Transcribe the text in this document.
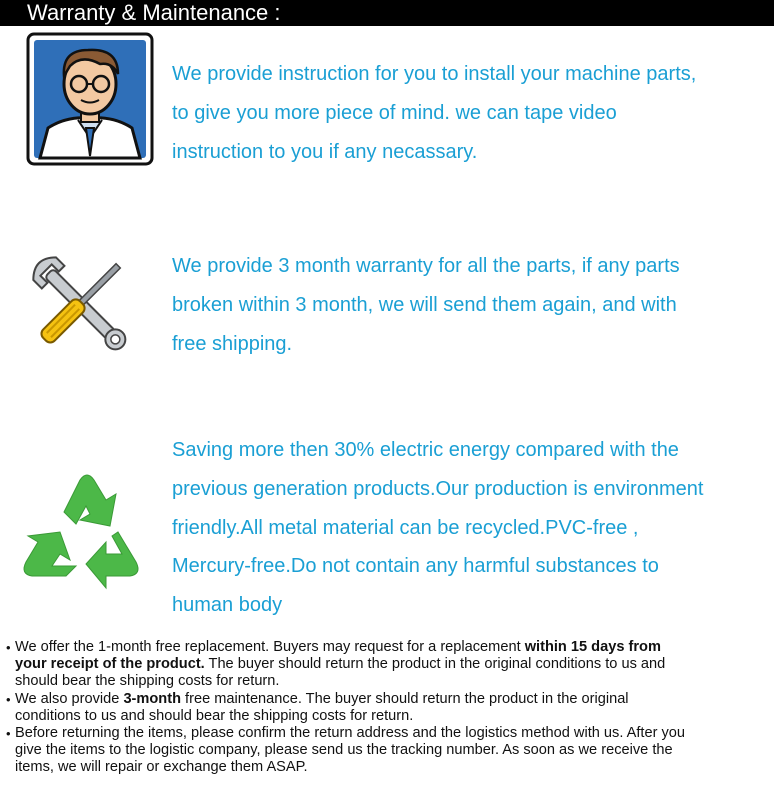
Warranty & Maintenance :
We provide instruction for you to install your machine parts,
to give you more piece of mind. we can tape video
instruction to you if any necassary.
We provide 3 month warranty for all the parts, if any parts
broken within 3 month, we will send them again, and with
free shipping.
Saving more then 30% electric energy compared with the
previous generation products.Our production is environment
friendly.All metal material can be recycled.PVC-free ,
Mercury-free.Do not contain any harmful substances to
human body
• We offer the 1-month free replacement. Buyers may request for a replacement within 15 days from
your receipt of the product. The buyer should return the product in the original conditions to us and
should bear the shipping costs for return.
• We also provide 3-month free maintenance. The buyer should return the product in the original
conditions to us and should bear the shipping costs for return.
• Before returning the items, please confirm the return address and the logistics method with us. After you
give the items to the logistic company, please send us the tracking number. As soon as we receive the
items, we will repair or exchange them ASAP.
